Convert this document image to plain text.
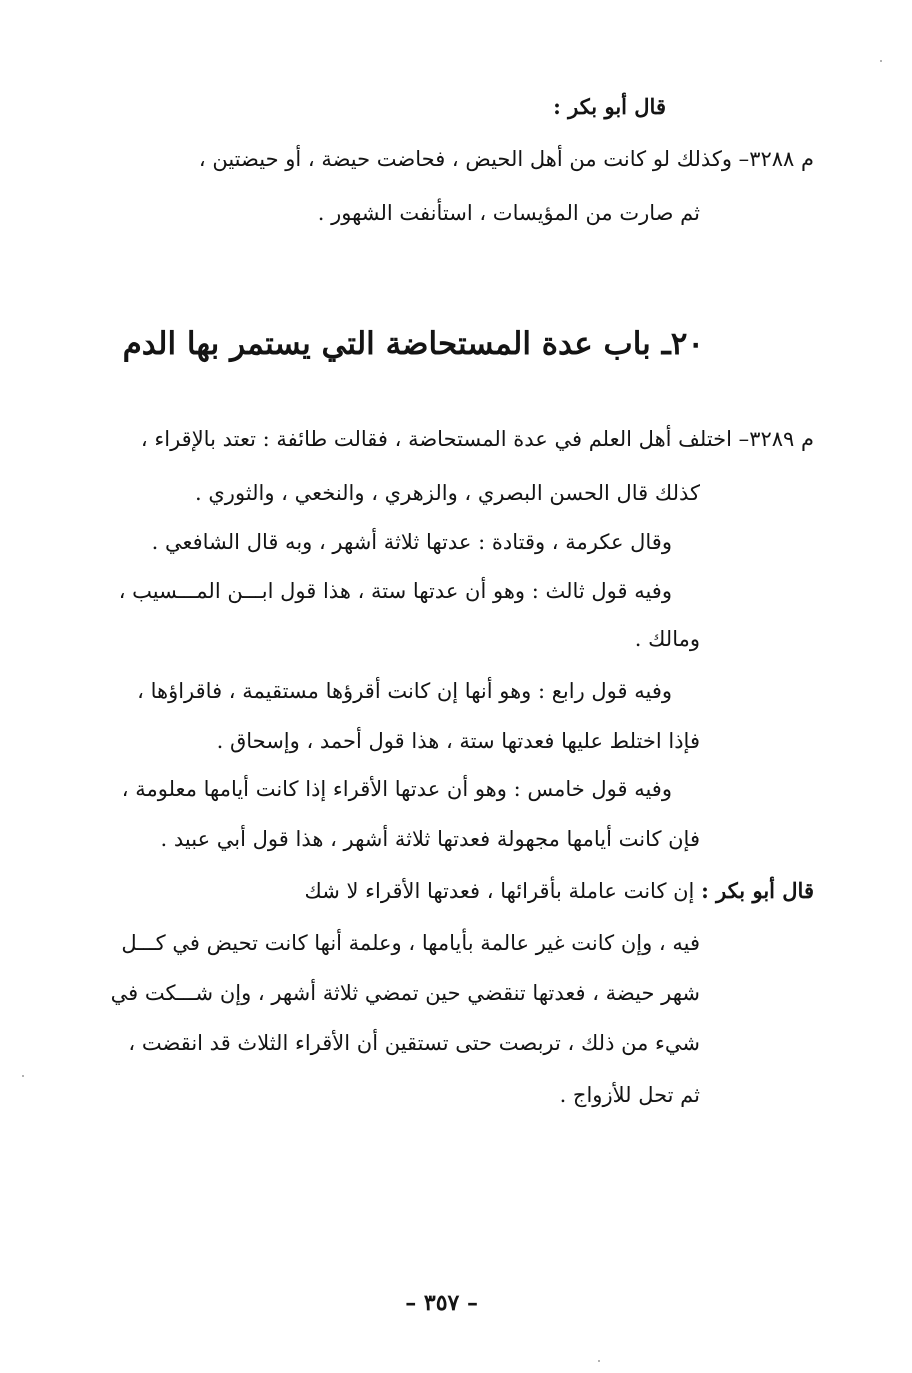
قال أبو بكر :
م ٣٢٨٨– وكذلك لو كانت من أهل الحيض ، فحاضت حيضة ، أو حيضتين ،
ثم صارت من المؤيسات ، استأنفت الشهور .
٢٠ـ باب عدة المستحاضة التي يستمر بها الدم
م ٣٢٨٩– اختلف أهل العلم في عدة المستحاضة ، فقالت طائفة : تعتد بالإقراء ،
كذلك قال الحسن البصري ، والزهري ، والنخعي ، والثوري .
وقال عكرمة ، وقتادة : عدتها ثلاثة أشهر ، وبه قال الشافعي .
وفيه قول ثالث : وهو أن عدتها ستة ، هذا قول ابـــن المـــسيب ،
ومالك .
وفيه قول رابع : وهو أنها إن كانت أقرؤها مستقيمة ، فاقراؤها ،
فإذا اختلط عليها فعدتها ستة ، هذا قول أحمد ، وإسحاق .
وفيه قول خامس : وهو أن عدتها الأقراء إذا كانت أيامها معلومة ،
فإن كانت أيامها مجهولة فعدتها ثلاثة أشهر ، هذا قول أبي عبيد .
قال أبو بكر : إن كانت عاملة بأقرائها ، فعدتها الأقراء لا شك
فيه ، وإن كانت غير عالمة بأيامها ، وعلمة أنها كانت تحيض في كـــل
شهر حيضة ، فعدتها تنقضي حين تمضي ثلاثة أشهر ، وإن شـــكت في
شيء من ذلك ، تربصت حتى تستقين أن الأقراء الثلاث قد انقضت ،
ثم تحل للأزواج .
– ٣٥٧ –
